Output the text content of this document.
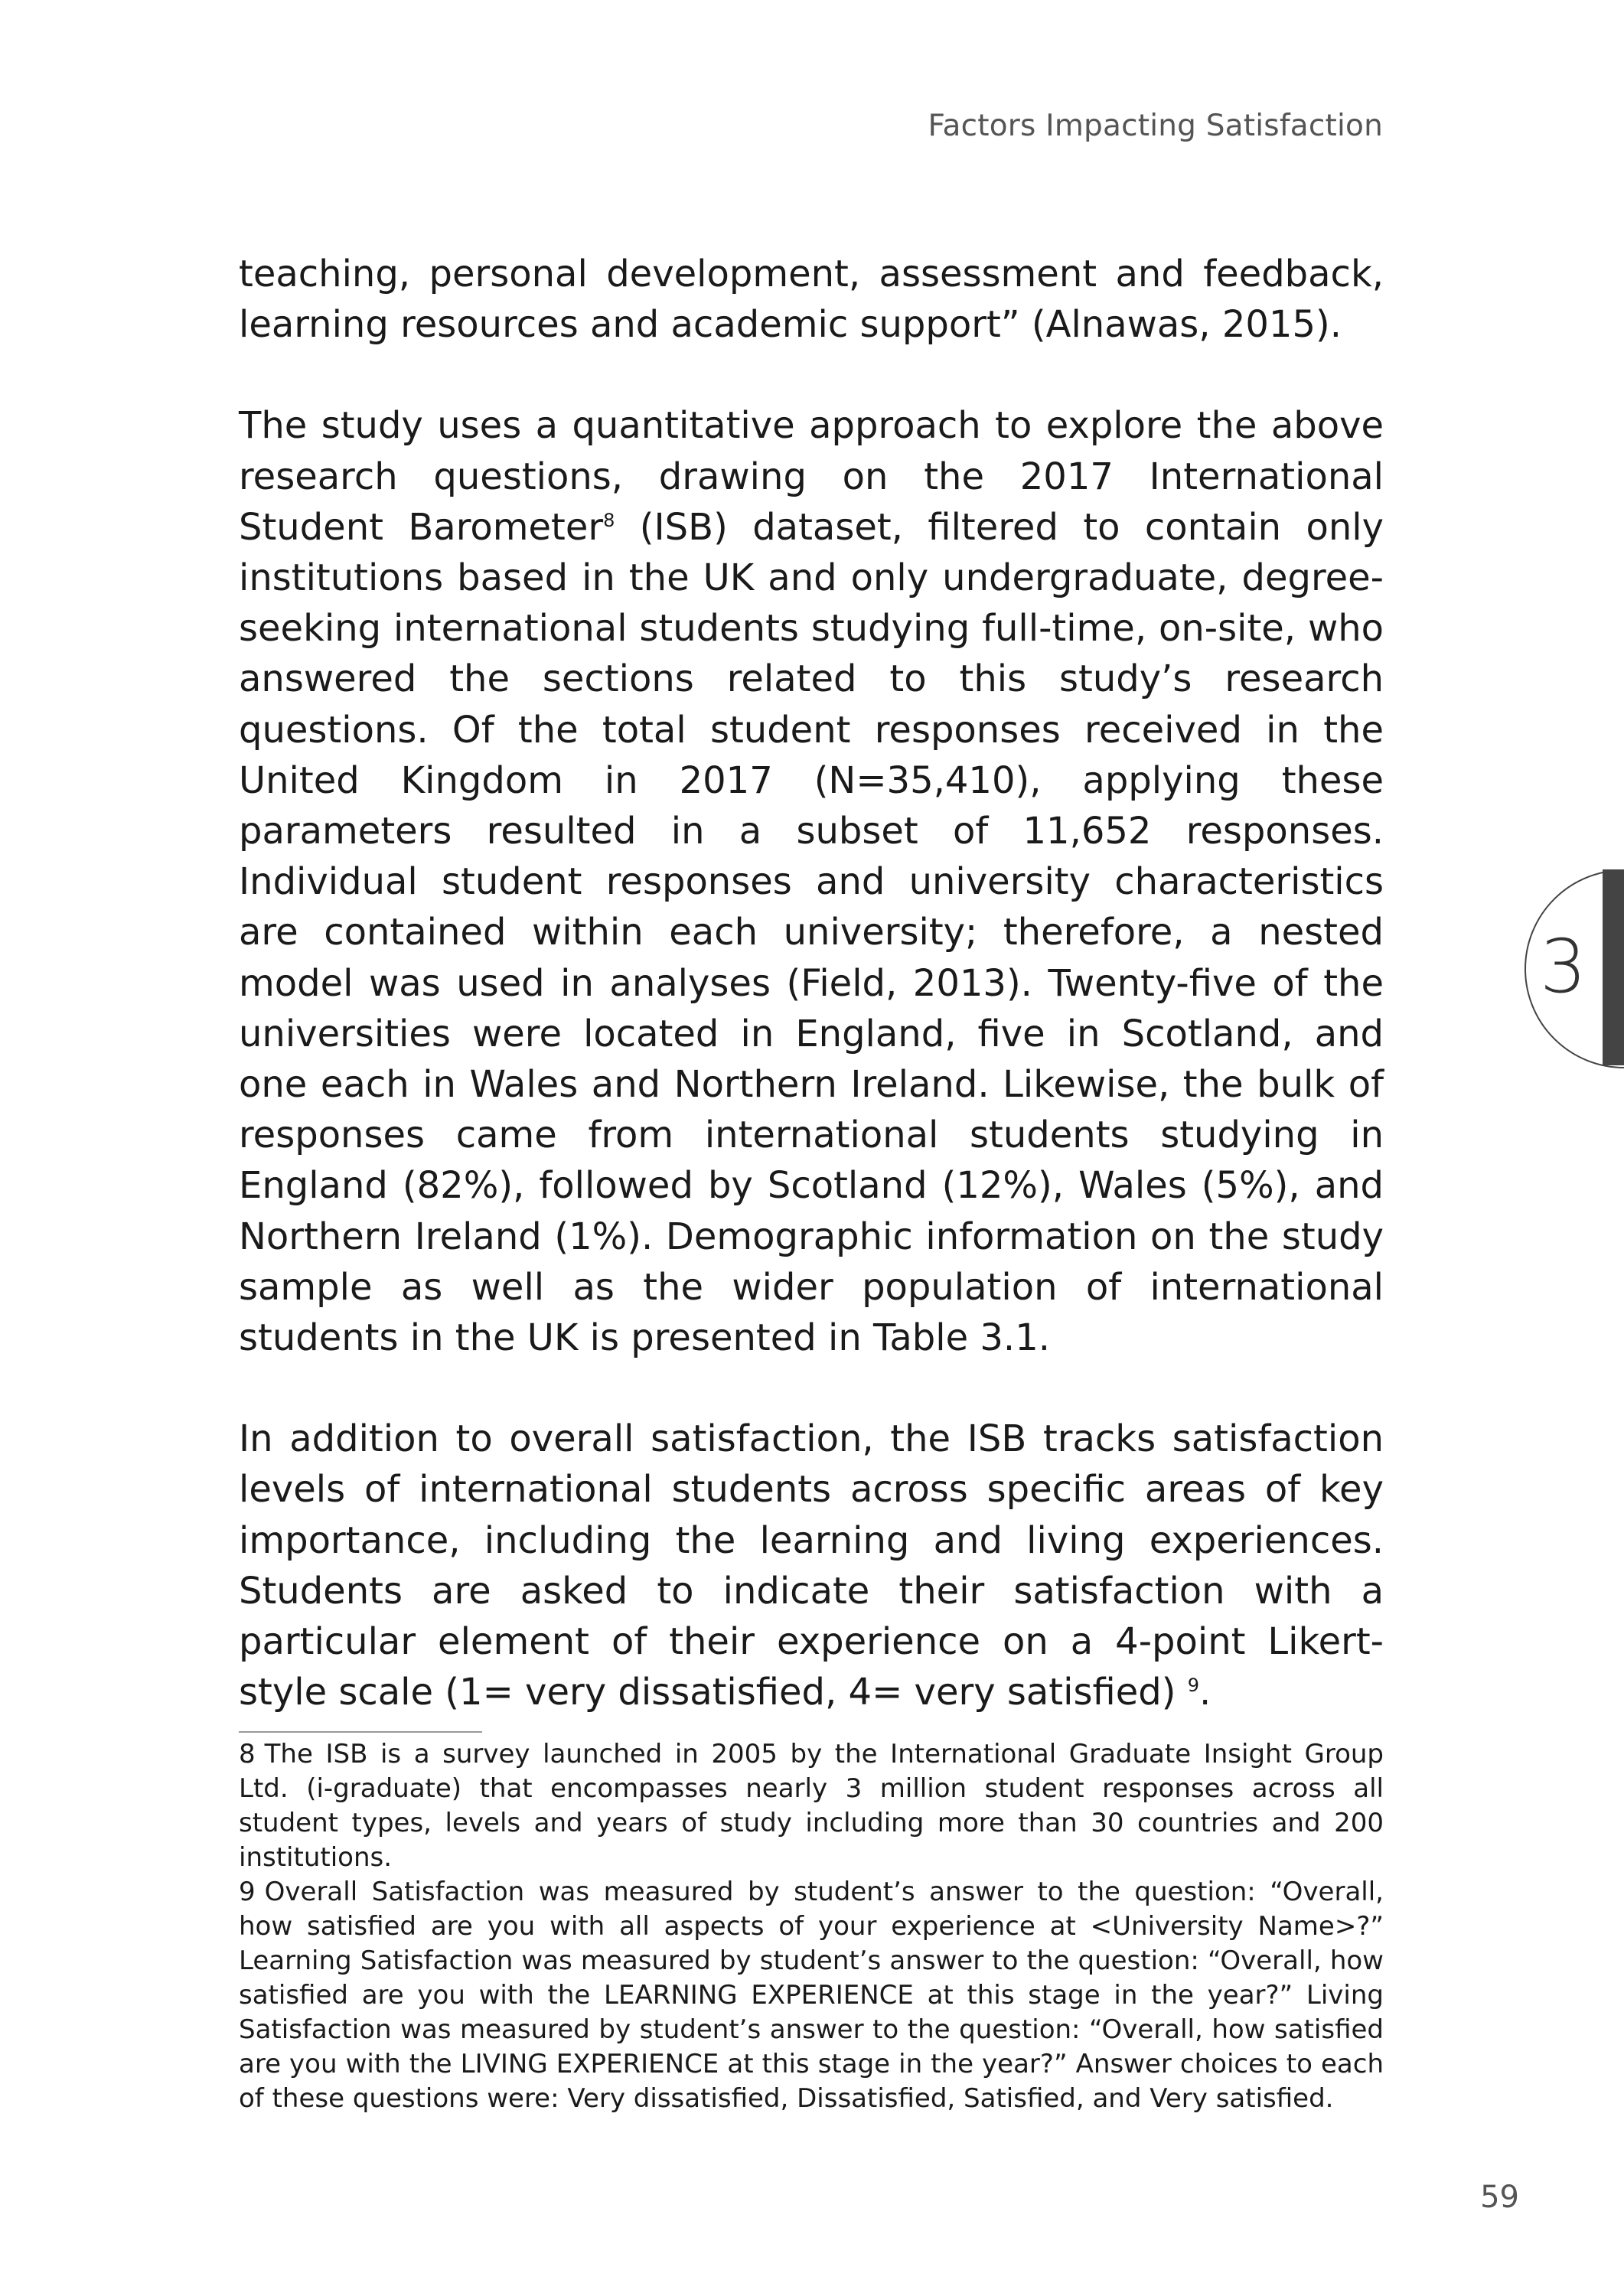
Factors Impacting Satisfaction

teaching, personal development, assessment and feedback, learning resources and academic support” (Alnawas, 2015).

The study uses a quantitative approach to explore the above research questions, drawing on the 2017 International Student Barometer$^8$ (ISB) dataset, filtered to contain only institutions based in the UK and only undergraduate, degree-seeking international students studying full-time, on-site, who answered the sections related to this study’s research questions. Of the total student responses received in the United Kingdom in 2017 (N=35,410), applying these parameters resulted in a subset of 11,652 responses. Individual student responses and university characteristics are contained within each university; therefore, a nested model was used in analyses (Field, 2013). Twenty-five of the universities were located in England, five in Scotland, and one each in Wales and Northern Ireland. Likewise, the bulk of responses came from international students studying in England (82%), followed by Scotland (12%), Wales (5%), and Northern Ireland (1%). Demographic information on the study sample as well as the wider population of international students in the UK is presented in Table 3.1.

In addition to overall satisfaction, the ISB tracks satisfaction levels of international students across specific areas of key importance, including the learning and living experiences. Students are asked to indicate their satisfaction with a particular element of their experience on a 4-point Likert-style scale (1= very dissatisfied, 4= very satisfied) $^9$.

3

8 The ISB is a survey launched in 2005 by the International Graduate Insight Group Ltd. (i-graduate) that encompasses nearly 3 million student responses across all student types, levels and years of study including more than 30 countries and 200 institutions.

9 Overall Satisfaction was measured by student’s answer to the question: “Overall, how satisfied are you with all aspects of your experience at <University Name>?” Learning Satisfaction was measured by student’s answer to the question: “Overall, how satisfied are you with the LEARNING EXPERIENCE at this stage in the year?” Living Satisfaction was measured by student’s answer to the question: “Overall, how satisfied are you with the LIVING EXPERIENCE at this stage in the year?” Answer choices to each of these questions were: Very dissatisfied, Dissatisfied, Satisfied, and Very satisfied.

59
